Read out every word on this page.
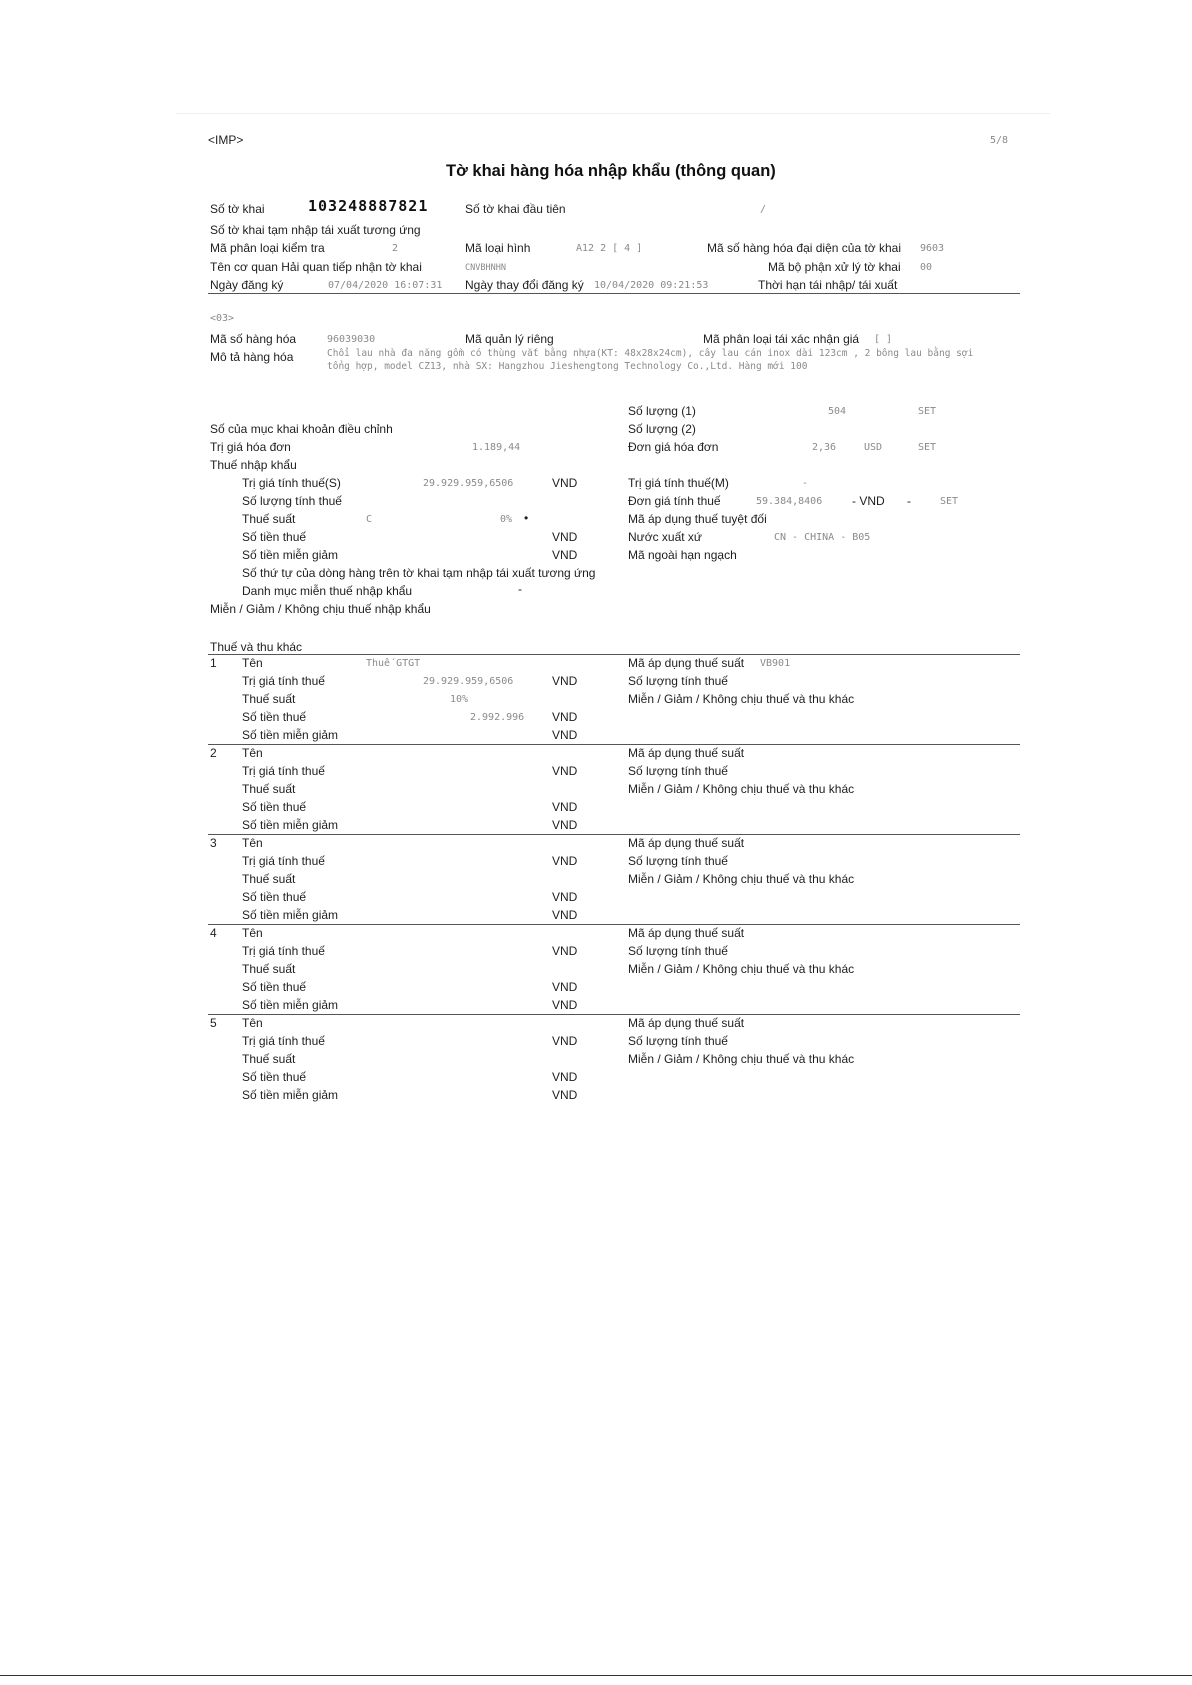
<IMP>	5/8
Tờ khai hàng hóa nhập khẩu (thông quan)
Số tờ khai	103248887821	Số tờ khai đầu tiên	/
Số tờ khai tạm nhập tái xuất tương ứng
Mã phân loại kiểm tra	2	Mã loại hình	A12 2 [ 4 ]	Mã số hàng hóa đại diện của tờ khai 9603
Tên cơ quan Hải quan tiếp nhận tờ khai	CNVBHNHN	Mã bộ phận xử lý tờ khai 00
Ngày đăng ký	07/04/2020 16:07:31 Ngày thay đổi đăng ký 10/04/2020 09:21:53	Thời hạn tái nhập/ tái xuất
<03>
Mã số hàng hóa	96039030	Mã quản lý riêng	Mã phân loại tái xác nhận giá [ ]
Mô tả hàng hóa	Chổi lau nhà đa năng gồm có thùng vắt bằng nhựa(KT: 48x28x24cm), cây lau cán inox dài 123cm , 2 bông lau bằng sợi tổng hợp, model CZ13, nhà SX: Hangzhou Jieshengtong Technology Co.,Ltd. Hàng mới 100
Số lượng (1)	504	SET
Số của mục khai khoản điều chỉnh	Số lượng (2)
Trị giá hóa đơn	1.189,44	Đơn giá hóa đơn	2,36	USD	SET
Thuế nhập khẩu
Trị giá tính thuế(S)	29.929.959,6506	VND	Trị giá tính thuế(M)	-
Số lượng tính thuế	Đơn giá tính thuế	59.384,8406 - VND -	SET
Thuế suất	C	0% •	Mã áp dụng thuế tuyệt đối
Số tiền thuế	VND	Nước xuất xứ	CN - CHINA - B05
Số tiền miễn giảm	VND	Mã ngoài hạn ngạch
Số thứ tự của dòng hàng trên tờ khai tạm nhập tái xuất tương ứng
Danh mục miễn thuế nhập khẩu	-
Miễn / Giảm / Không chịu thuế nhập khẩu
Thuế và thu khác
1 Tên	Thuế GTGT	Mã áp dụng thuế suất VB901
Trị giá tính thuế	29.929.959,6506	VND	Số lượng tính thuế
Thuế suất	10%	Miễn / Giảm / Không chịu thuế và thu khác
Số tiền thuế	2.992.996 VND
Số tiền miễn giảm	VND
2 Tên	Mã áp dụng thuế suất
Trị giá tính thuế	VND	Số lượng tính thuế
Thuế suất	Miễn / Giảm / Không chịu thuế và thu khác
Số tiền thuế	VND
Số tiền miễn giảm	VND
3 Tên	Mã áp dụng thuế suất
Trị giá tính thuế	VND	Số lượng tính thuế
Thuế suất	Miễn / Giảm / Không chịu thuế và thu khác
Số tiền thuế	VND
Số tiền miễn giảm	VND
4 Tên	Mã áp dụng thuế suất
Trị giá tính thuế	VND	Số lượng tính thuế
Thuế suất	Miễn / Giảm / Không chịu thuế và thu khác
Số tiền thuế	VND
Số tiền miễn giảm	VND
5 Tên	Mã áp dụng thuế suất
Trị giá tính thuế	VND	Số lượng tính thuế
Thuế suất	Miễn / Giảm / Không chịu thuế và thu khác
Số tiền thuế	VND
Số tiền miễn giảm	VND
